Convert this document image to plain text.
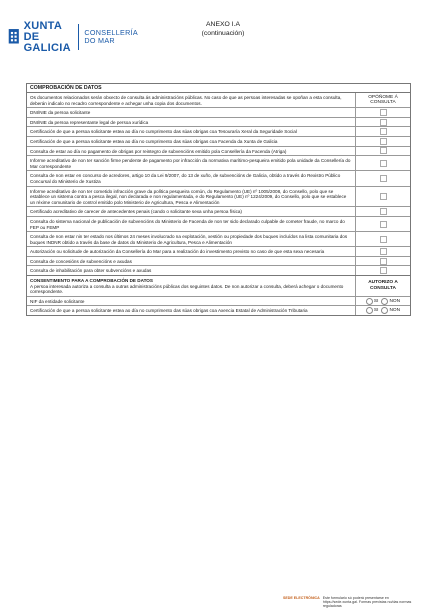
XUNTA
DE GALICIA
CONSELLERÍA
DO MAR
ANEXO I.A
(continuación)
COMPROBACIÓN DE DATOS
Os documentos relacionados serán obxecto de consulta ás administracións públicas. No caso de que as persoas interesadas se opoñan a esta consulta, deberán indicalo no recadro correspondente e achegar unha copia dos documentos.
OPÓÑOME Á CONSULTA
DNI/NIE da persoa solicitante
DNI/NIE da persoa representante legal de persoa xurídica
Certificación de que a persoa solicitante estea ao día no cumprimento das súas obrigas coa Tesouraría Xeral da Seguridade Social
Certificación de que a persoa solicitante estea ao día no cumprimento das súas obrigas coa Facenda da Xunta de Galicia
Consulta de estar ao día no pagamento de obrigas por reintegro de subvencións emitido pola Consellería da Facenda (Atriga)
Informe acreditativo de non ter sanción firme pendente de pagamento por infracción da normativa marítimo-pesqueira emitido pola unidade da Consellería do Mar correspondente
Consulta de non estar en concurso de acredores, artigo 10 da Lei 9/2007, do 13 de xuño, de subvencións de Galicia, obtido a través do Rexistro Público Concursal do Ministerio de Xustiza
Informe acreditativo de non ter cometido infracción grave da política pesqueira común, do Regulamento (UE) nº 1005/2008, do Consello, polo que se establece un sistema contra a pesca ilegal, non declarada e non regulamentada, e do Regulamento (UE) nº 1224/2009, do Consello, polo que se establece un réxime comunitario de control emitido polo Ministerio de Agricultura, Pesca e Alimentación
Certificado acreditativo de carecer de antecedentes penais (cando o solicitante sexa unha persoa física)
Consulta do sistema nacional de publicación de subvencións do Ministerio de Facenda de non ter sido declarado culpable de cometer fraude, no marco do FEP ou FEMP
Consulta de non estar nin ter estado nos últimos 24 meses involucrado na explotación, xestión ou propiedade dos buques incluídos na lista comunitaria dos buques INDNR obtido a través da base de datos do Ministerio de Agricultura, Pesca e Alimentación
Autorización ou solicitude de autorización da Consellería do Mar para a realización do investimento previsto no caso de que esta sexa necesaria
Consulta de concesións de subvencións e axudas
Consulta de inhabilitación para obter subvencións e axudas
CONSENTIMENTO PARA A COMPROBACIÓN DE DATOS
A persoa interesada autoriza a consulta a outras administracións públicas dos seguintes datos. De non autorizar a consulta, deberá achegar o documento correspondente.
AUTORIZO A CONSULTA
NIF da entidade solicitante	SI NON
Certificación de que a persoa solicitante estea ao día no cumprimento das súas obrigas coa Axencia Estatal de Administración Tributaria	SI NON
SEDE ELECTRÓNICA Este formulario só poderá presentarse en https://sede.xunta.gal. Formas previstas no/das normas reguladoras
